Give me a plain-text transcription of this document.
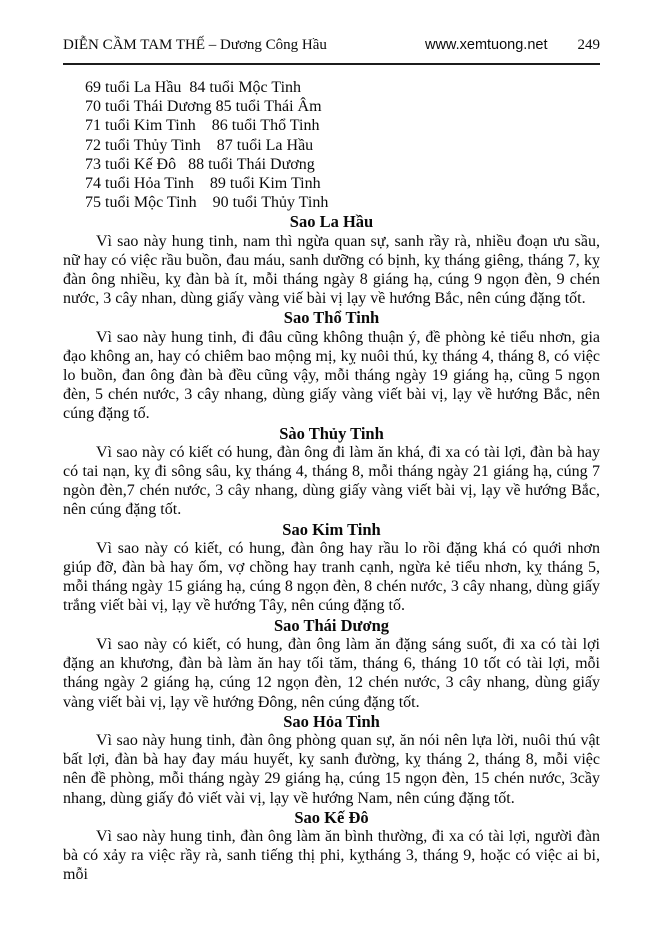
DIỄN CẦM TAM THẾ – Dương Công Hầu	www.xemtuong.net 249
69 tuổi La Hầu  84 tuổi Mộc Tinh
70 tuổi Thái Dương 85 tuổi Thái Âm
71 tuổi Kim Tinh    86 tuổi Thổ Tinh
72 tuổi Thủy Tinh    87 tuổi La Hầu
73 tuổi Kế Đô   88 tuổi Thái Dương
74 tuổi Hỏa Tinh    89 tuổi Kim Tinh
75 tuổi Mộc Tinh    90 tuổi Thủy Tinh
Sao La Hầu

Vì sao này hung tinh, nam thì ngừa quan sự, sanh rầy rà, nhiều đoạn ưu sầu, nữ hay có việc rầu buồn, đau máu, sanh dưỡng có bịnh, kỵ tháng giêng, tháng 7, kỵ đàn ông nhiều, kỵ đàn bà ít, mỗi tháng ngày 8 giáng hạ, cúng 9 ngọn đèn, 9 chén nước, 3 cây nhan, dùng giấy vàng viế bài vị lạy về hướng Bắc, nên cúng đặng tốt.

Sao Thổ Tinh

Vì sao này hung tinh, đi đâu cũng không thuận ý, đề phòng kẻ tiểu nhơn, gia đạo không an, hay có chiêm bao mộng mị, kỵ nuôi thú, kỵ tháng 4, tháng 8, có việc lo buồn, đan ông đàn bà đều cũng vậy, mỗi tháng ngày 19 giáng hạ, cũng 5 ngọn đèn, 5 chén nước, 3 cây nhang, dùng giấy vàng viết bài vị, lạy về hướng Bắc, nên cúng đặng tố.

Sào Thủy Tinh

Vì sao này có kiết có hung, đàn ông đi làm ăn khá, đi xa có tài lợi, đàn bà hay có tai nạn, kỵ đi sông sâu, kỵ tháng 4, tháng 8, mỗi tháng ngày 21 giáng hạ, cúng 7 ngòn đèn,7 chén nước, 3 cây nhang, dùng giấy vàng viết bài vị, lạy về hướng Bắc, nên cúng đặng tốt.

Sao Kim Tinh

Vì sao này có kiết, có hung, đàn ông hay rầu lo rồi đặng khá có quới nhơn giúp đỡ, đàn bà hay ốm, vợ chồng hay tranh cạnh, ngừa kẻ tiểu nhơn, kỵ tháng 5, mỗi tháng ngày 15 giáng hạ, cúng 8 ngọn đèn, 8 chén nước, 3 cây nhang, dùng giấy trắng viết bài vị, lạy về hướng Tây, nên cúng đặng tố.

Sao Thái Dương

Vì sao này có kiết, có hung, đàn ông làm ăn đặng sáng suốt, đi xa có tài lợi đặng an khương, đàn bà làm ăn hay tối tăm, tháng 6, tháng 10 tốt có tài lợi, mỗi tháng ngày 2 giáng hạ, cúng 12 ngọn đèn, 12 chén nước, 3 cây nhang, dùng giấy vàng viết bài vị, lạy về hướng Đông, nên cúng đặng tốt.

Sao Hỏa Tinh

Vì sao này hung tinh, đàn ông phòng quan sự, ăn nói nên lựa lời, nuôi thú vật bất lợi, đàn bà hay đay máu huyết, kỵ sanh đường, kỵ tháng 2, tháng 8, mỗi việc nên đề phòng, mỗi tháng ngày 29 giáng hạ, cúng 15 ngọn đèn, 15 chén nước, 3cầy nhang, dùng giấy đỏ viết vài vị, lạy về hướng Nam, nên cúng đặng tốt.

Sao Kế Đô

Vì sao này hung tinh, đàn ông làm ăn bình thường, đi xa có tài lợi, người đàn bà có xảy ra việc rầy rà, sanh tiếng thị phi, kỵtháng 3, tháng 9, hoặc có việc ai bi, mỗi
